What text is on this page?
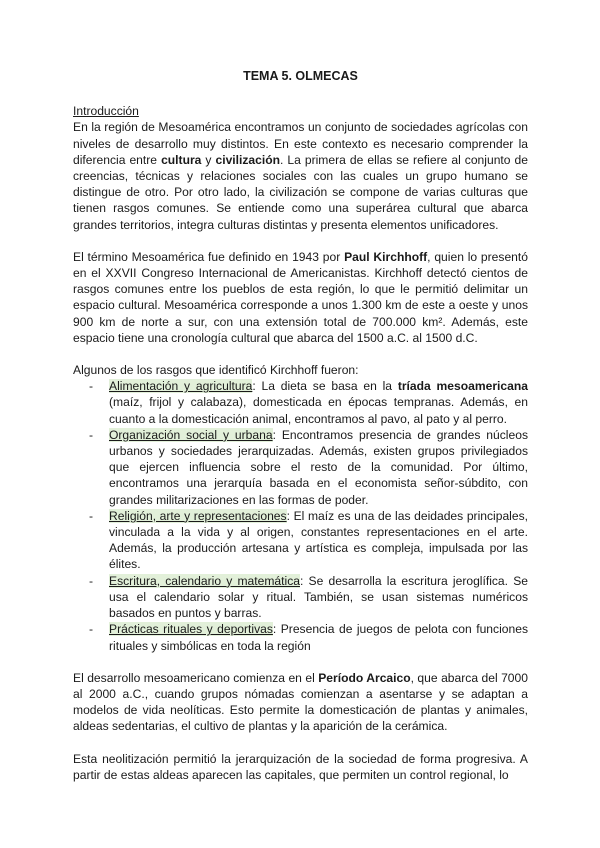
TEMA 5. OLMECAS

Introducción

En la región de Mesoamérica encontramos un conjunto de sociedades agrícolas con niveles de desarrollo muy distintos. En este contexto es necesario comprender la diferencia entre cultura y civilización. La primera de ellas se refiere al conjunto de creencias, técnicas y relaciones sociales con las cuales un grupo humano se distingue de otro. Por otro lado, la civilización se compone de varias culturas que tienen rasgos comunes. Se entiende como una superárea cultural que abarca grandes territorios, integra culturas distintas y presenta elementos unificadores.

El término Mesoamérica fue definido en 1943 por Paul Kirchhoff, quien lo presentó en el XXVII Congreso Internacional de Americanistas. Kirchhoff detectó cientos de rasgos comunes entre los pueblos de esta región, lo que le permitió delimitar un espacio cultural. Mesoamérica corresponde a unos 1.300 km de este a oeste y unos 900 km de norte a sur, con una extensión total de 700.000 km². Además, este espacio tiene una cronología cultural que abarca del 1500 a.C. al 1500 d.C.

Algunos de los rasgos que identificó Kirchhoff fueron:

- Alimentación y agricultura: La dieta se basa en la tríada mesoamericana (maíz, frijol y calabaza), domesticada en épocas tempranas. Además, en cuanto a la domesticación animal, encontramos al pavo, al pato y al perro.
- Organización social y urbana: Encontramos presencia de grandes núcleos urbanos y sociedades jerarquizadas. Además, existen grupos privilegiados que ejercen influencia sobre el resto de la comunidad. Por último, encontramos una jerarquía basada en el economista señor-súbdito, con grandes militarizaciones en las formas de poder.
- Religión, arte y representaciones: El maíz es una de las deidades principales, vinculada a la vida y al origen, constantes representaciones en el arte. Además, la producción artesana y artística es compleja, impulsada por las élites.
- Escritura, calendario y matemática: Se desarrolla la escritura jeroglífica. Se usa el calendario solar y ritual. También, se usan sistemas numéricos basados en puntos y barras.
- Prácticas rituales y deportivas: Presencia de juegos de pelota con funciones rituales y simbólicas en toda la región

El desarrollo mesoamericano comienza en el Período Arcaico, que abarca del 7000 al 2000 a.C., cuando grupos nómadas comienzan a asentarse y se adaptan a modelos de vida neolíticas. Esto permite la domesticación de plantas y animales, aldeas sedentarias, el cultivo de plantas y la aparición de la cerámica.

Esta neolitización permitió la jerarquización de la sociedad de forma progresiva. A partir de estas aldeas aparecen las capitales, que permiten un control regional, lo
